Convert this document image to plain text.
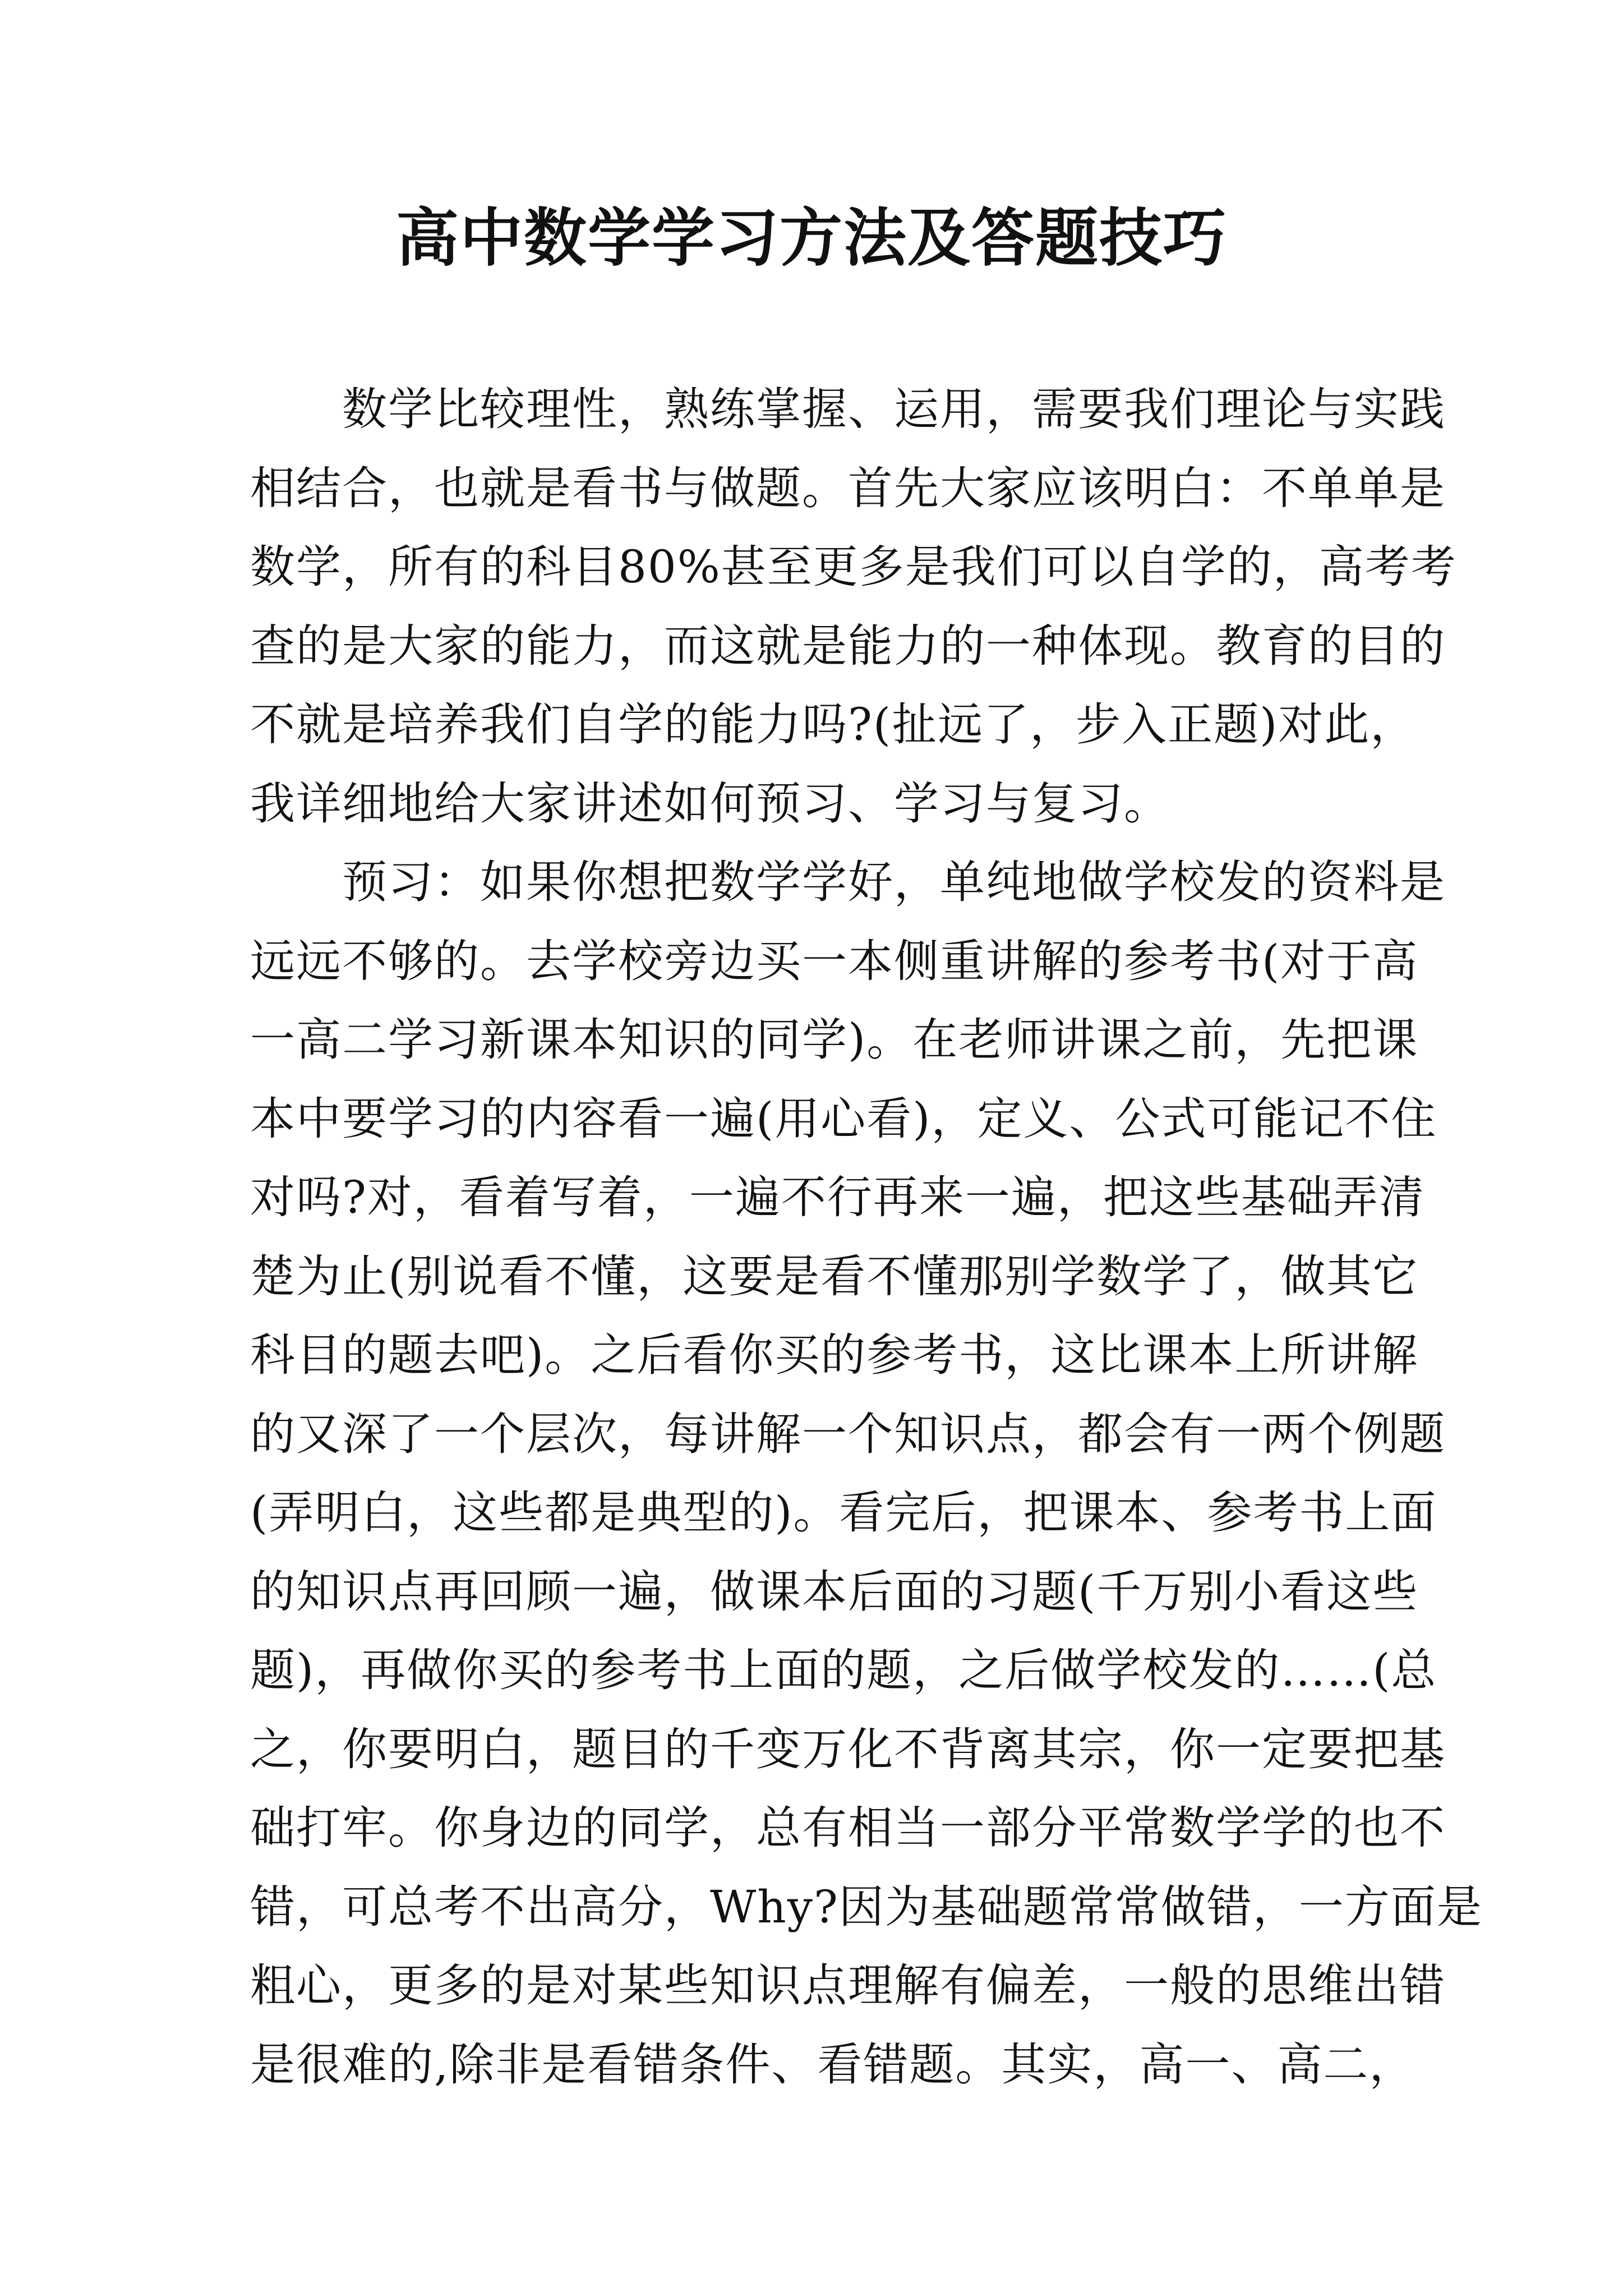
高中数学学习方法及答题技巧
　　数学比较理性，熟练掌握、运用，需要我们理论与实践
相结合，也就是看书与做题。首先大家应该明白：不单单是
数学，所有的科目80%甚至更多是我们可以自学的，高考考
查的是大家的能力，而这就是能力的一种体现。教育的目的
不就是培养我们自学的能力吗?(扯远了，步入正题)对此，
我详细地给大家讲述如何预习、学习与复习。
　　预习：如果你想把数学学好，单纯地做学校发的资料是
远远不够的。去学校旁边买一本侧重讲解的参考书(对于高
一高二学习新课本知识的同学)。在老师讲课之前，先把课
本中要学习的内容看一遍(用心看)，定义、公式可能记不住
对吗?对，看着写着，一遍不行再来一遍，把这些基础弄清
楚为止(别说看不懂，这要是看不懂那别学数学了，做其它
科目的题去吧)。之后看你买的参考书，这比课本上所讲解
的又深了一个层次，每讲解一个知识点，都会有一两个例题
(弄明白，这些都是典型的)。看完后，把课本、参考书上面
的知识点再回顾一遍，做课本后面的习题(千万别小看这些
题)，再做你买的参考书上面的题，之后做学校发的……(总
之，你要明白，题目的千变万化不背离其宗，你一定要把基
础打牢。你身边的同学，总有相当一部分平常数学学的也不
错，可总考不出高分，Why?因为基础题常常做错，一方面是
粗心，更多的是对某些知识点理解有偏差，一般的思维出错
是很难的,除非是看错条件、看错题。其实，高一、高二，
